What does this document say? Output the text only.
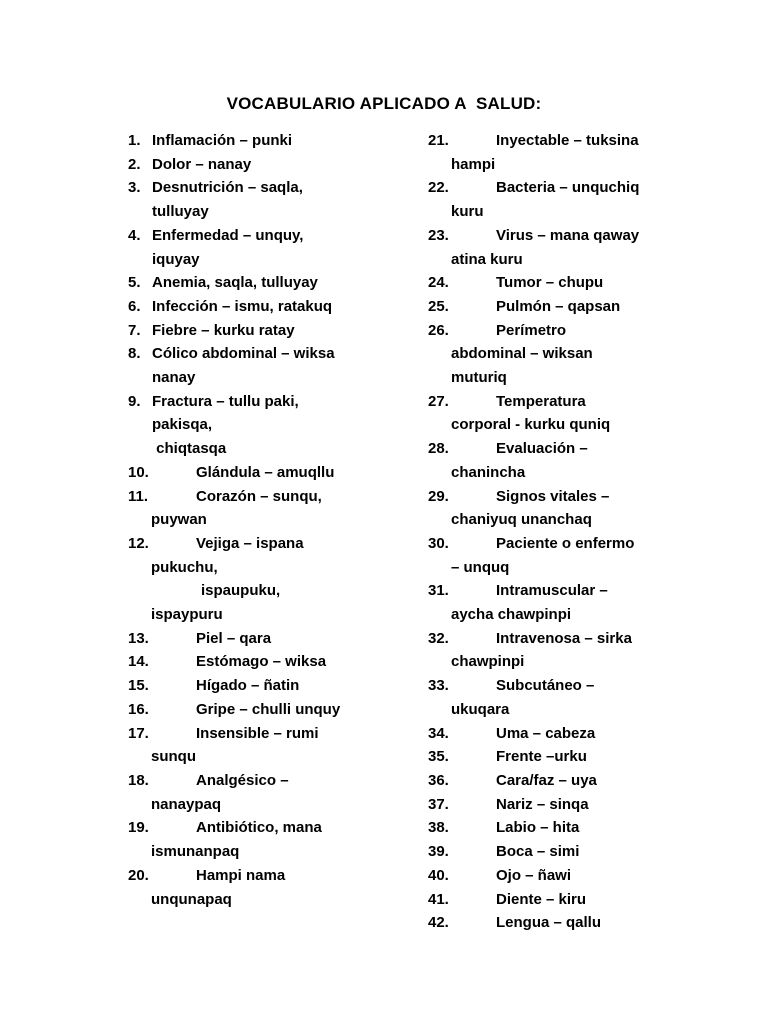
VOCABULARIO APLICADO A  SALUD:
1. Inflamación – punki
2. Dolor – nanay
3. Desnutrición – saqla,
tulluyay
4. Enfermedad – unquy,
iquyay
5. Anemia, saqla, tulluyay
6. Infección – ismu, ratakuq
7. Fiebre – kurku ratay
8. Cólico abdominal – wiksa
nanay
9. Fractura – tullu paki,
pakisqa,
chiqtasqa
10.	Glándula – amuqllu
11.	Corazón – sunqu,
puywan
12.	Vejiga – ispana
pukuchu,
ispaupuku,
ispaypuru
13.	Piel – qara
14.	Estómago – wiksa
15.	Hígado – ñatin
16.	Gripe – chulli unquy
17.	Insensible – rumi
sunqu
18.	Analgésico –
nanaypaq
19.	Antibiótico, mana
ismunanpaq
20.	Hampi nama
unqunapaq
21.	Inyectable – tuksina
hampi
22.	Bacteria – unquchiq
kuru
23.	Virus – mana qaway
atina kuru
24.	Tumor – chupu
25.	Pulmón – qapsan
26.	Perímetro
abdominal – wiksan
muturiq
27.	Temperatura
corporal - kurku quniq
28.	Evaluación –
chanincha
29.	Signos vitales –
chaniyuq unanchaq
30.	Paciente o enfermo
– unquq
31.	Intramuscular –
aycha chawpinpi
32.	Intravenosa – sirka
chawpinpi
33.	Subcutáneo –
ukuqara
34.	Uma – cabeza
35.	Frente –urku
36.	Cara/faz – uya
37.	Nariz – sinqa
38.	Labio – hita
39.	Boca – simi
40.	Ojo – ñawi
41.	Diente – kiru
42.	Lengua – qallu
